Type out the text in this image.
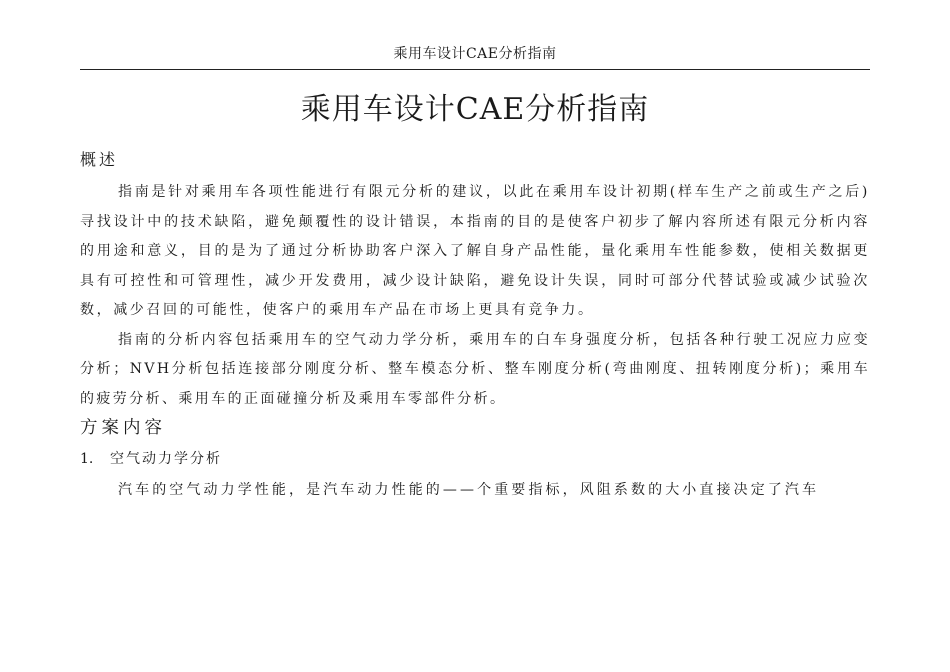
乘用车设计CAE分析指南
乘用车设计CAE分析指南
概述

指南是针对乘用车各项性能进行有限元分析的建议，以此在乘用车设计初期(样车生产之前或生产之后)寻找设计中的技术缺陷，避免颠覆性的设计错误，本指南的目的是使客户初步了解内容所述有限元分析内容的用途和意义，目的是为了通过分析协助客户深入了解自身产品性能，量化乘用车性能参数，使相关数据更具有可控性和可管理性，减少开发费用，减少设计缺陷，避免设计失误，同时可部分代替试验或减少试验次数，减少召回的可能性，使客户的乘用车产品在市场上更具有竞争力。

指南的分析内容包括乘用车的空气动力学分析，乘用车的白车身强度分析，包括各种行驶工况应力应变分析；NVH分析包括连接部分刚度分析、整车模态分析、整车刚度分析(弯曲刚度、扭转刚度分析)；乘用车的疲劳分析、乘用车的正面碰撞分析及乘用车零部件分析。

方案内容
1. 空气动力学分析

汽车的空气动力学性能，是汽车动力性能的——个重要指标，风阻系数的大小直接决定了汽车
